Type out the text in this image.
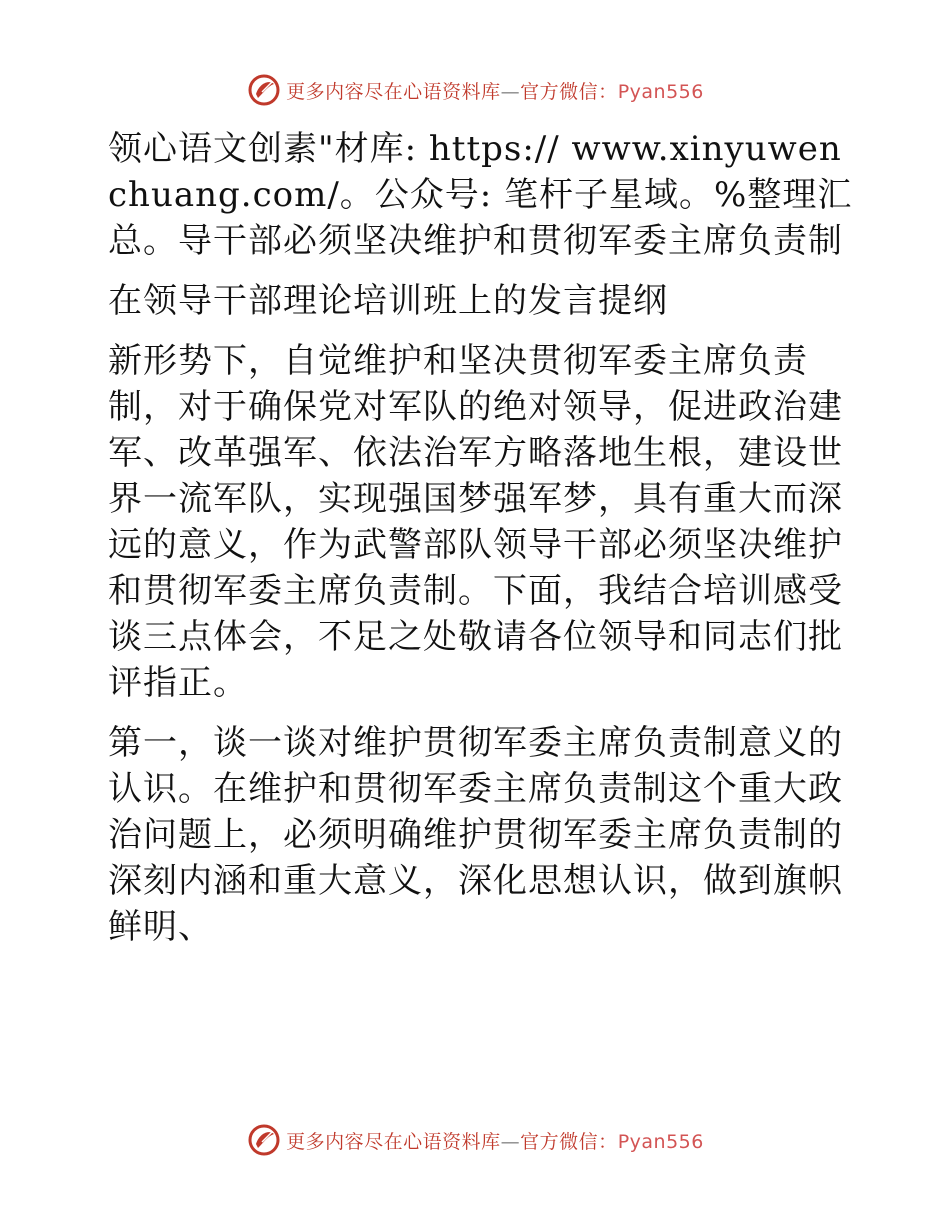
更多内容尽在心语资料库—官方微信：Pyan556

领心语文创素"材库: https:// www.xinyuwenchuang.com/。公众号: 笔杆子星域。%整理汇总。导干部必须坚决维护和贯彻军委主席负责制

在领导干部理论培训班上的发言提纲

新形势下，自觉维护和坚决贯彻军委主席负责制，对于确保党对军队的绝对领导，促进政治建军、改革强军、依法治军方略落地生根，建设世界一流军队，实现强国梦强军梦，具有重大而深远的意义，作为武警部队领导干部必须坚决维护和贯彻军委主席负责制。下面，我结合培训感受谈三点体会，不足之处敬请各位领导和同志们批评指正。

第一，谈一谈对维护贯彻军委主席负责制意义的认识。在维护和贯彻军委主席负责制这个重大政治问题上，必须明确维护贯彻军委主席负责制的深刻内涵和重大意义，深化思想认识，做到旗帜鲜明、

更多内容尽在心语资料库—官方微信：Pyan556
